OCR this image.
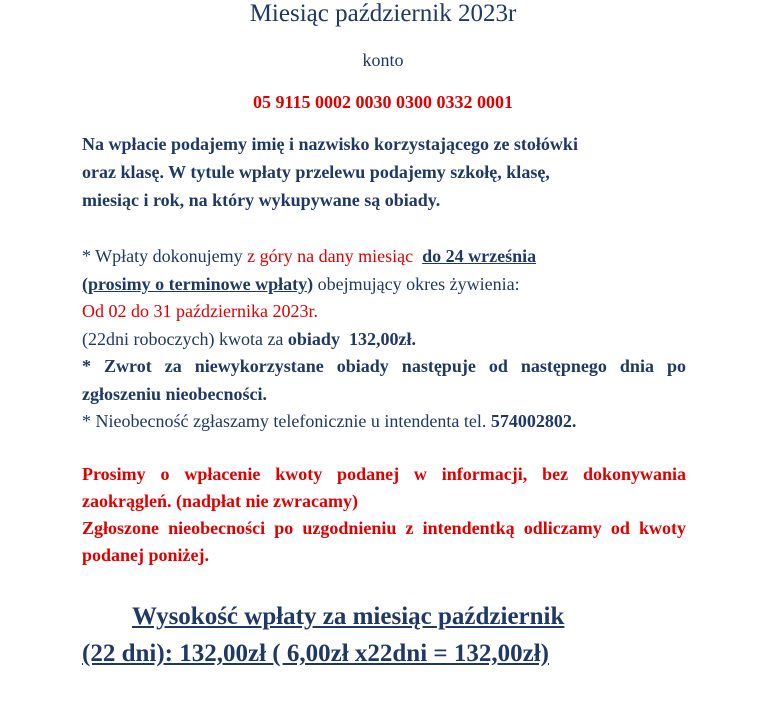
Miesiąc październik 2023r
konto
05 9115 0002 0030 0300 0332 0001

Na wpłacie podajemy imię i nazwisko korzystającego ze stołówki

oraz klasę. W tytule wpłaty przelewu podajemy szkołę, klasę,

miesiąc i rok, na który wykupywane są obiady.

* Wpłaty dokonujemy z góry na dany miesiąc do 24 września

(prosimy o terminowe wpłaty) obejmujący okres żywienia:

Od 02 do 31 października 2023r.

(22dni roboczych) kwota za obiady 132,00zł.

* Zwrot za niewykorzystane obiady następuje od następnego dnia po zgłoszeniu nieobecności.

* Nieobecność zgłaszamy telefonicznie u intendenta tel. 574002802.

Prosimy o wpłacenie kwoty podanej w informacji, bez dokonywania zaokrągleń. (nadpłat nie zwracamy)

Zgłoszone nieobecności po uzgodnieniu z intendentką odliczamy od kwoty podanej poniżej.

Wysokość wpłaty za miesiąc październik
(22 dni): 132,00zł ( 6,00zł x22dni = 132,00zł)
